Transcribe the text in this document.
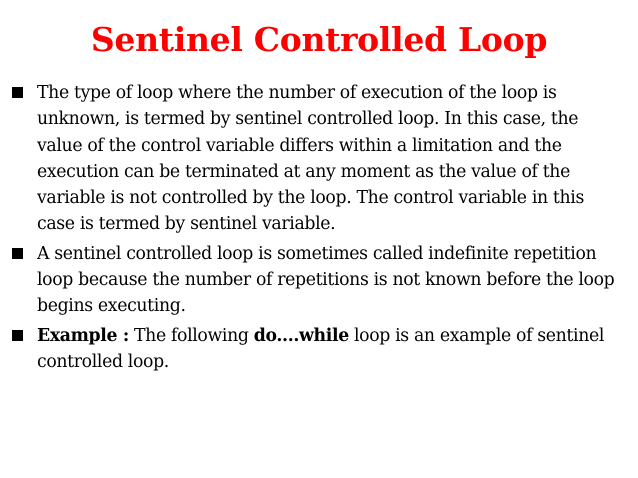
Sentinel Controlled Loop
The type of loop where the number of execution of the loop is unknown, is termed by sentinel controlled loop. In this case, the value of the control variable differs within a limitation and the execution can be terminated at any moment as the value of the variable is not controlled by the loop. The control variable in this case is termed by sentinel variable.
A sentinel controlled loop is sometimes called indefinite repetition loop because the number of repetitions is not known before the loop begins executing.
Example : The following do....while loop is an example of sentinel controlled loop.
